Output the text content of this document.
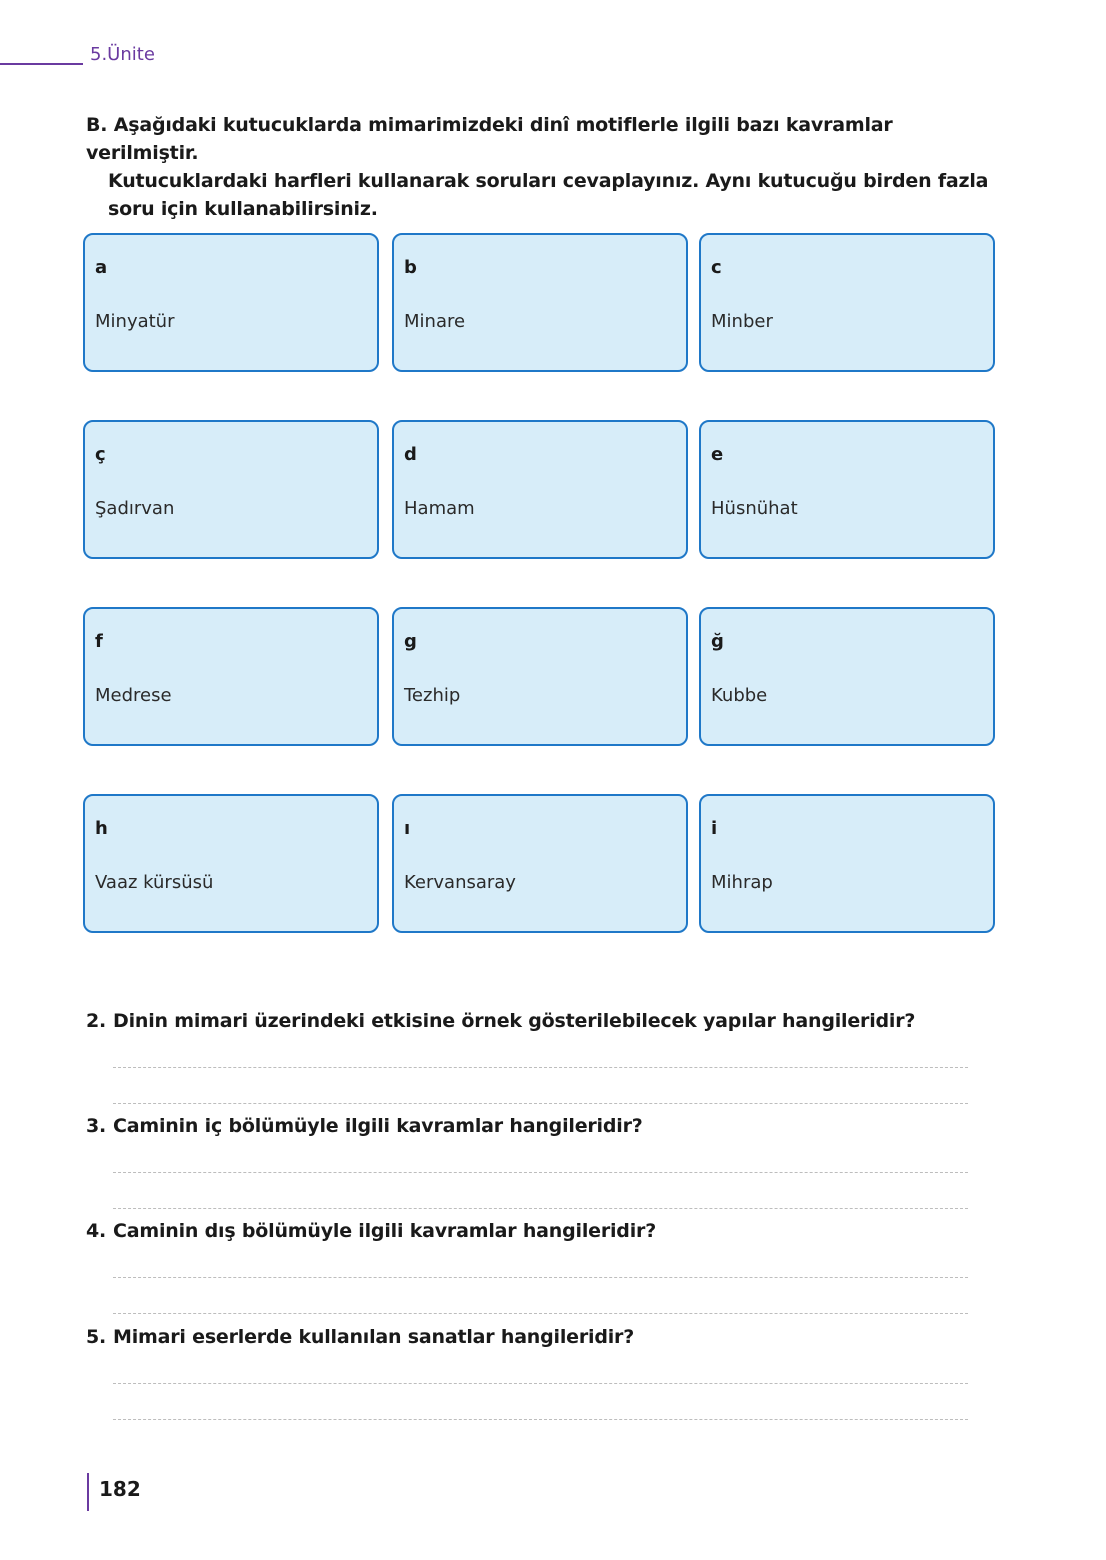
5.Ünite
B. Aşağıdaki kutucuklarda mimarimizdeki dinî motiflerle ilgili bazı kavramlar verilmiştir.
Kutucuklardaki harfleri kullanarak soruları cevaplayınız. Aynı kutucuğu birden fazla
soru için kullanabilirsiniz.
a
Minyatür
b
Minare
c
Minber
ç
Şadırvan
d
Hamam
e
Hüsnühat
f
Medrese
g
Tezhip
ğ
Kubbe
h
Vaaz kürsüsü
ı
Kervansaray
i
Mihrap
2. Dinin mimari üzerindeki etkisine örnek gösterilebilecek yapılar hangileridir?
3. Caminin iç bölümüyle ilgili kavramlar hangileridir?
4. Caminin dış bölümüyle ilgili kavramlar hangileridir?
5. Mimari eserlerde kullanılan sanatlar hangileridir?
182
